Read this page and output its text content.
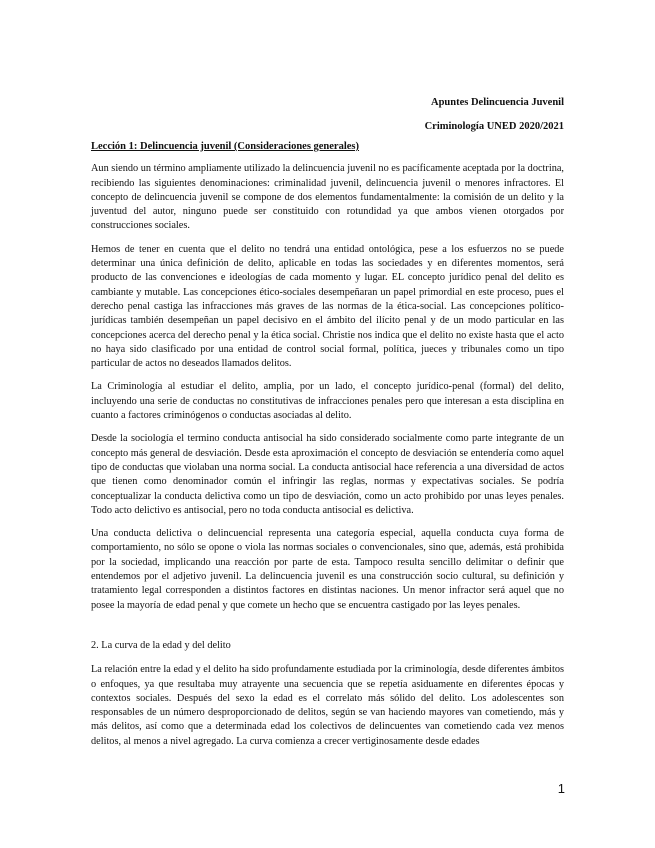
Apuntes Delincuencia Juvenil
Criminología UNED 2020/2021
Lección 1: Delincuencia juvenil (Consideraciones generales)

Aun siendo un término ampliamente utilizado la delincuencia juvenil no es pacíficamente aceptada por la doctrina, recibiendo las siguientes denominaciones: criminalidad juvenil, delincuencia juvenil o menores infractores. El concepto de delincuencia juvenil se compone de dos elementos fundamentalmente: la comisión de un delito y la juventud del autor, ninguno puede ser constituido con rotundidad ya que ambos vienen otorgados por construcciones sociales.

Hemos de tener en cuenta que el delito no tendrá una entidad ontológica, pese a los esfuerzos no se puede determinar una única definición de delito, aplicable en todas las sociedades y en diferentes momentos, será producto de las convenciones e ideologías de cada momento y lugar. EL concepto jurídico penal del delito es cambiante y mutable. Las concepciones ético-sociales desempeñaran un papel primordial en este proceso, pues el derecho penal castiga las infracciones más graves de las normas de la ética-social. Las concepciones político-jurídicas también desempeñan un papel decisivo en el ámbito del ilícito penal y de un modo particular en las concepciones acerca del derecho penal y la ética social. Christie nos indica que el delito no existe hasta que el acto no haya sido clasificado por una entidad de control social formal, política, jueces y tribunales como un tipo particular de actos no deseados llamados delitos.

La Criminología al estudiar el delito, amplia, por un lado, el concepto jurídico-penal (formal) del delito, incluyendo una serie de conductas no constitutivas de infracciones penales pero que interesan a esta disciplina en cuanto a factores criminógenos o conductas asociadas al delito.

Desde la sociología el termino conducta antisocial ha sido considerado socialmente como parte integrante de un concepto más general de desviación. Desde esta aproximación el concepto de desviación se entendería como aquel tipo de conductas que violaban una norma social. La conducta antisocial hace referencia a una diversidad de actos que tienen como denominador común el infringir las reglas, normas y expectativas sociales. Se podría conceptualizar la conducta delictiva como un tipo de desviación, como un acto prohibido por unas leyes penales. Todo acto delictivo es antisocial, pero no toda conducta antisocial es delictiva.

Una conducta delictiva o delincuencial representa una categoría especial, aquella conducta cuya forma de comportamiento, no sólo se opone o viola las normas sociales o convencionales, sino que, además, está prohibida por la sociedad, implicando una reacción por parte de esta. Tampoco resulta sencillo delimitar o definir que entendemos por el adjetivo juvenil. La delincuencia juvenil es una construcción socio cultural, su definición y tratamiento legal corresponden a distintos factores en distintas naciones. Un menor infractor será aquel que no posee la mayoría de edad penal y que comete un hecho que se encuentra castigado por las leyes penales.

2. La curva de la edad y del delito

La relación entre la edad y el delito ha sido profundamente estudiada por la criminología, desde diferentes ámbitos o enfoques, ya que resultaba muy atrayente una secuencia que se repetía asiduamente en diferentes épocas y contextos sociales. Después del sexo la edad es el correlato más sólido del delito. Los adolescentes son responsables de un número desproporcionado de delitos, según se van haciendo mayores van cometiendo, más y más delitos, así como que a determinada edad los colectivos de delincuentes van cometiendo cada vez menos delitos, al menos a nivel agregado. La curva comienza a crecer vertiginosamente desde edades

1
